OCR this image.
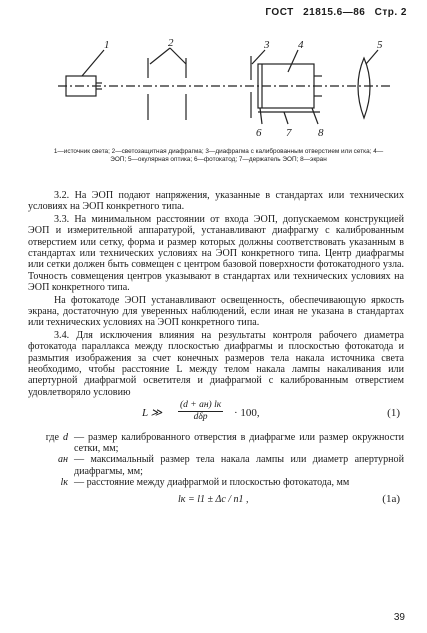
ГОСТ 21815.6—86 Стр. 2
1	2	3	4	5
6 7 8
1—источник света; 2—светозащитная диафрагма; 3—диафрагма с калиброванным отверстием или сетка; 4—ЭОП; 5—окулярная оптика; 6—фотокатод; 7—держатель ЭОП; 8—экран

3.2. На ЭОП подают напряжения, указанные в стандартах или технических условиях на ЭОП конкретного типа.

3.3. На минимальном расстоянии от входа ЭОП, допускаемом конструкцией ЭОП и измерительной аппаратурой, устанавливают диафрагму с калиброванным отверстием или сетку, форма и размер которых должны соответствовать указанным в стандартах или технических условиях на ЭОП конкретного типа. Центр диафрагмы или сетки должен быть совмещен с центром базовой поверхности фотокатодного узла. Точность совмещения центров указывают в стандартах или технических условиях на ЭОП конкретного типа.

На фотокатоде ЭОП устанавливают освещенность, обеспечивающую яркость экрана, достаточную для уверенных наблюдений, если иная не указана в стандартах или технических условиях на ЭОП конкретного типа.

3.4. Для исключения влияния на результаты контроля рабочего диаметра фотокатода параллакса между плоскостью диафрагмы и плоскостью фотокатода и размытия изображения за счет конечных размеров тела накала источника света необходимо, чтобы расстояние L между телом накала лампы накаливания или апертурной диафрагмой осветителя и диафрагмой с калиброванным отверстием удовлетворяло условию

L ≫
(d + aн) lк
dδр	· 100,	(1)
где d — размер калиброванного отверстия в диафрагме или размер окружности сетки, мм;
aн — максимальный размер тела накала лампы или диаметр апертурной диафрагмы, мм;
lк — расстояние между диафрагмой и плоскостью фотокатода, мм
lк = l1 ± Δc / n1 ,	(1a)
39
